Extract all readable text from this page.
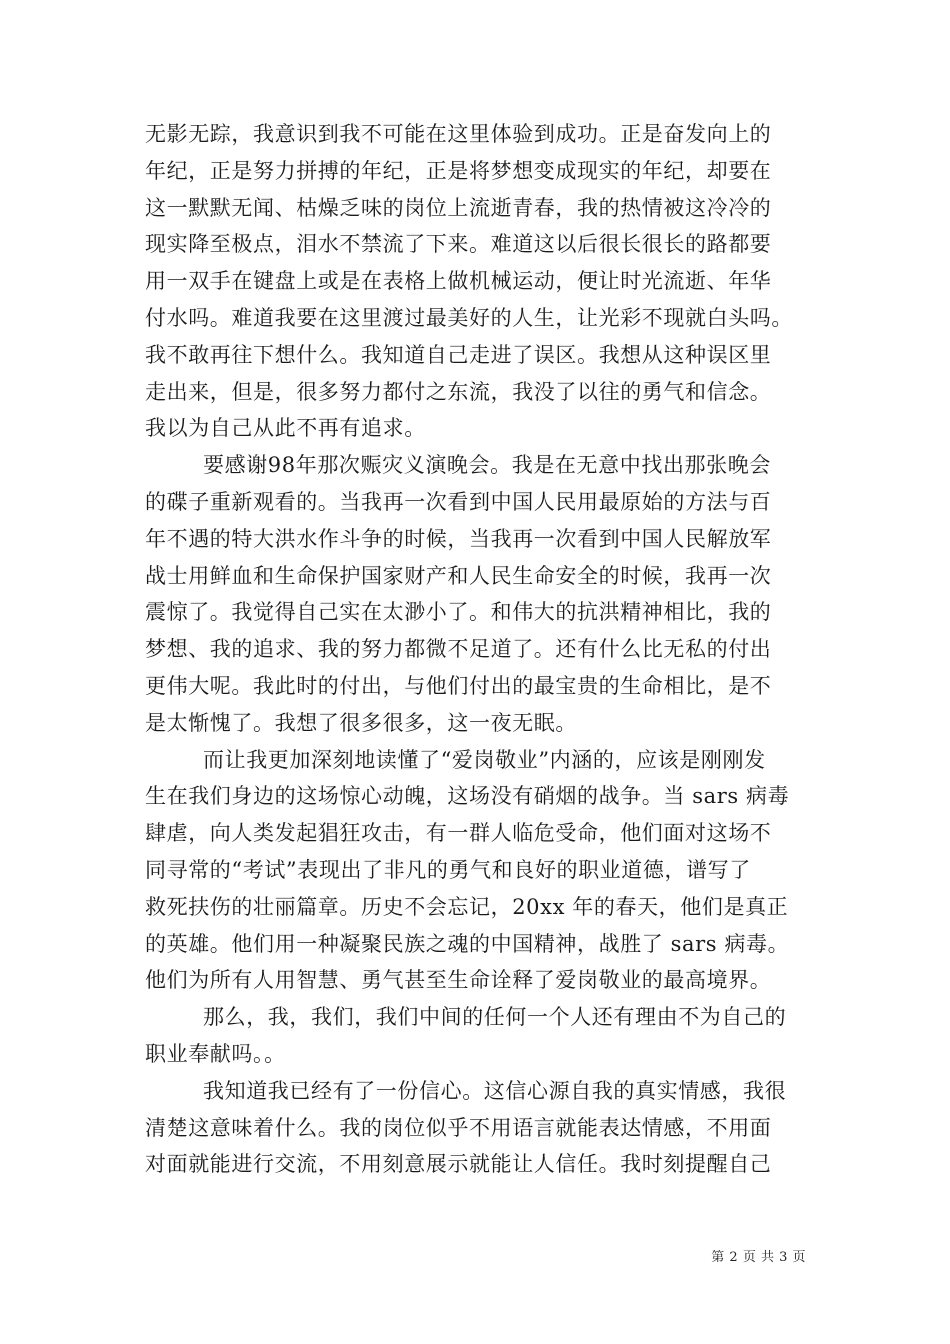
无影无踪，我意识到我不可能在这里体验到成功。正是奋发向上的
年纪，正是努力拼搏的年纪，正是将梦想变成现实的年纪，却要在
这一默默无闻、枯燥乏味的岗位上流逝青春，我的热情被这冷冷的
现实降至极点，泪水不禁流了下来。难道这以后很长很长的路都要
用一双手在键盘上或是在表格上做机械运动，便让时光流逝、年华
付水吗。难道我要在这里渡过最美好的人生，让光彩不现就白头吗。
我不敢再往下想什么。我知道自己走进了误区。我想从这种误区里
走出来，但是，很多努力都付之东流，我没了以往的勇气和信念。
我以为自己从此不再有追求。
要感谢98年那次赈灾义演晚会。我是在无意中找出那张晚会
的碟子重新观看的。当我再一次看到中国人民用最原始的方法与百
年不遇的特大洪水作斗争的时候，当我再一次看到中国人民解放军
战士用鲜血和生命保护国家财产和人民生命安全的时候，我再一次
震惊了。我觉得自己实在太渺小了。和伟大的抗洪精神相比，我的
梦想、我的追求、我的努力都微不足道了。还有什么比无私的付出
更伟大呢。我此时的付出，与他们付出的最宝贵的生命相比，是不
是太惭愧了。我想了很多很多，这一夜无眠。
而让我更加深刻地读懂了“爱岗敬业”内涵的，应该是刚刚发
生在我们身边的这场惊心动魄，这场没有硝烟的战争。当 sars 病毒
肆虐，向人类发起猖狂攻击，有一群人临危受命，他们面对这场不
同寻常的“考试”表现出了非凡的勇气和良好的职业道德，谱写了
救死扶伤的壮丽篇章。历史不会忘记，20xx 年的春天，他们是真正
的英雄。他们用一种凝聚民族之魂的中国精神，战胜了 sars 病毒。
他们为所有人用智慧、勇气甚至生命诠释了爱岗敬业的最高境界。
那么，我，我们，我们中间的任何一个人还有理由不为自己的
职业奉献吗。。
我知道我已经有了一份信心。这信心源自我的真实情感，我很
清楚这意味着什么。我的岗位似乎不用语言就能表达情感，不用面
对面就能进行交流，不用刻意展示就能让人信任。我时刻提醒自己
第 2 页 共 3 页
